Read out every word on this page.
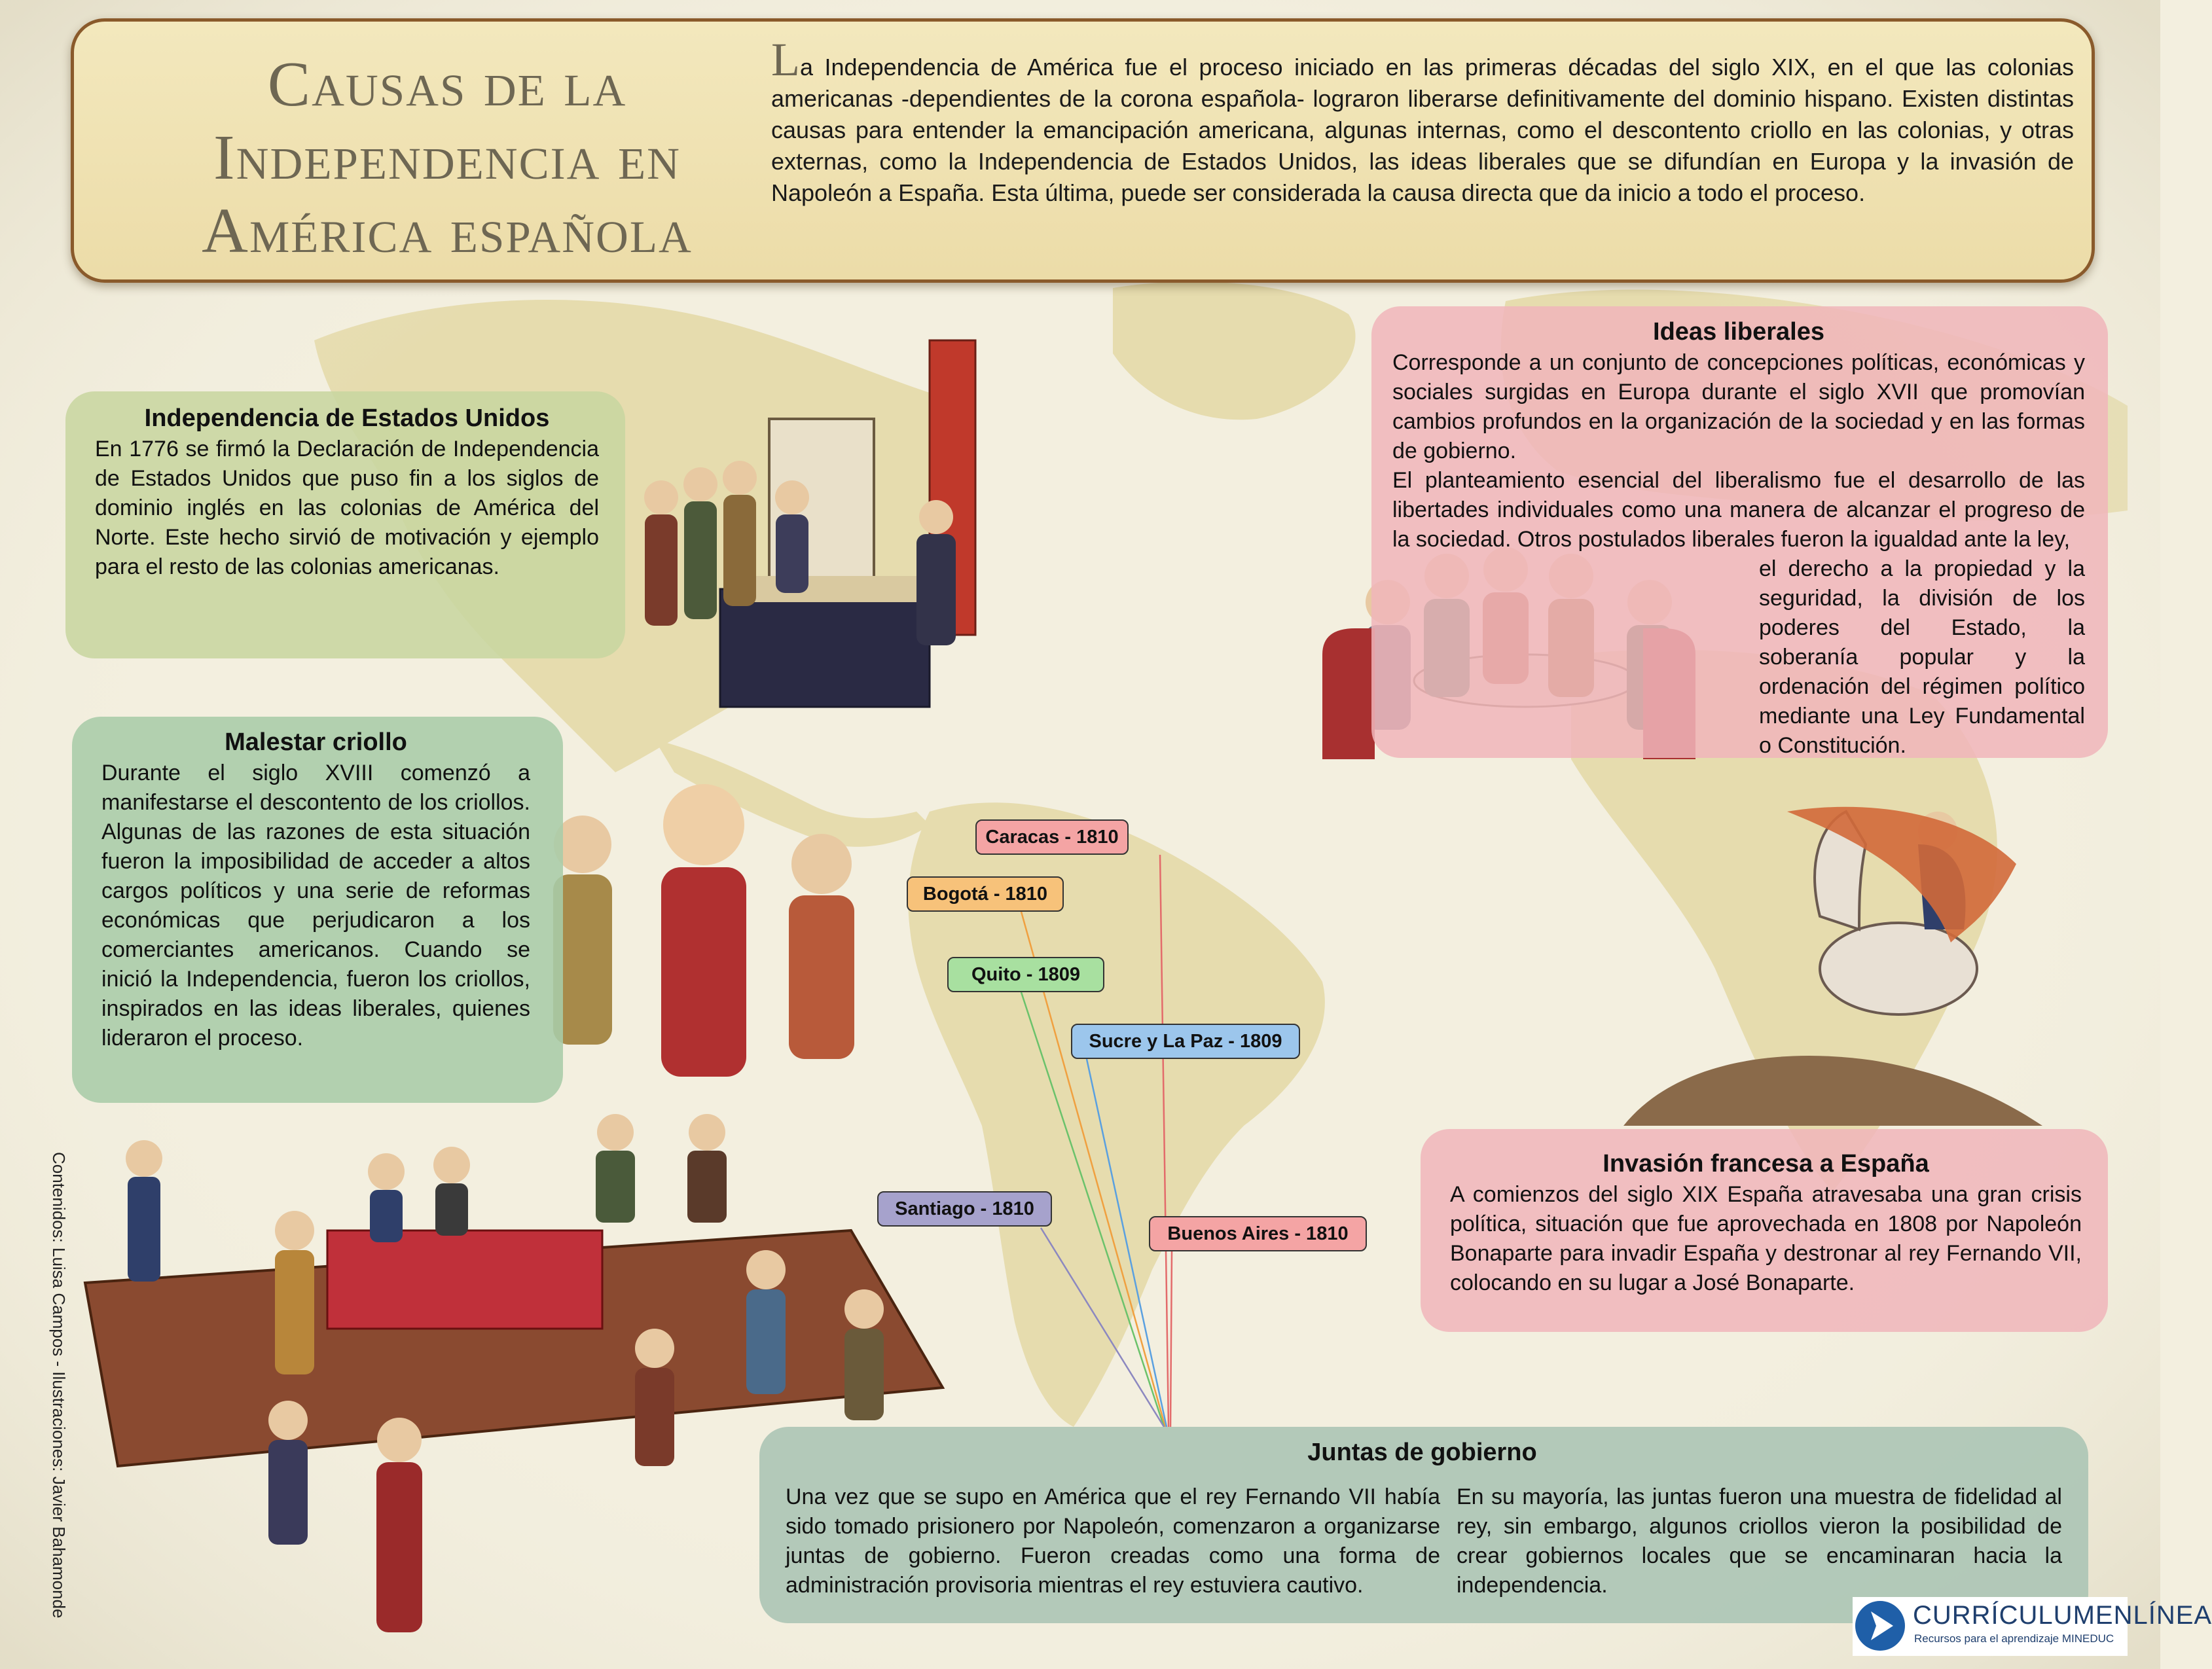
Causas de la Independencia en América española
La Independencia de América fue el proceso iniciado en las primeras décadas del siglo XIX, en el que las colonias americanas -dependientes de la corona española- lograron liberarse definitivamente del dominio hispano. Existen distintas causas para entender la emancipación americana, algunas internas, como el descontento criollo en las colonias, y otras externas, como la Independencia de Estados Unidos, las ideas liberales que se difundían en Europa y la invasión de Napoleón a España. Esta última, puede ser considerada la causa directa que da inicio a todo el proceso.
Independencia de Estados Unidos
En 1776 se firmó la Declaración de Independencia de Estados Unidos que puso fin a los siglos de dominio inglés en las colonias de América del Norte. Este hecho sirvió de motivación y ejemplo para el resto de las colonias americanas.
Ideas liberales
Corresponde a un conjunto de concepciones políticas, económicas y sociales surgidas en Europa durante el siglo XVII que promovían cambios profundos en la organización de la sociedad y en las formas de gobierno.
El planteamiento esencial del liberalismo fue el desarrollo de las libertades individuales como una manera de alcanzar el progreso de la sociedad. Otros postulados liberales fueron la igualdad ante la ley,
el derecho a la propiedad y la seguridad, la división de los poderes del Estado, la soberanía popular y la ordenación del régimen político mediante una Ley Fundamental o Constitución.
Malestar criollo
Durante el siglo XVIII comenzó a manifestarse el descontento de los criollos. Algunas de las razones de esta situación fueron la imposibilidad de acceder a altos cargos políticos y una serie de reformas económicas que perjudicaron a los comerciantes americanos. Cuando se inició la Independencia, fueron los criollos, inspirados en las ideas liberales, quienes lideraron el proceso.
Invasión francesa a España
A comienzos del siglo XIX España atravesaba una gran crisis política, situación que fue aprovechada en 1808 por Napoleón Bonaparte para invadir España y destronar al rey Fernando VII, colocando en su lugar a José Bonaparte.
Juntas de gobierno
Una vez que se supo en América que el rey Fernando VII había sido tomado prisionero por Napoleón, comenzaron a organizarse juntas de gobierno. Fueron creadas como una forma de administración provisoria mientras el rey estuviera cautivo.
En su mayoría, las juntas fueron una muestra de fidelidad al rey, sin embargo, algunos criollos vieron la posibilidad de crear gobiernos locales que se encaminaran hacia la independencia.
Caracas - 1810
Bogotá - 1810
Quito - 1809
Sucre y La Paz - 1809
Santiago - 1810
Buenos Aires - 1810
Contenidos: Luisa Campos - Ilustraciones: Javier Bahamonde	CURRÍCULUMENLÍNEA
Recursos para el aprendizaje MINEDUC
